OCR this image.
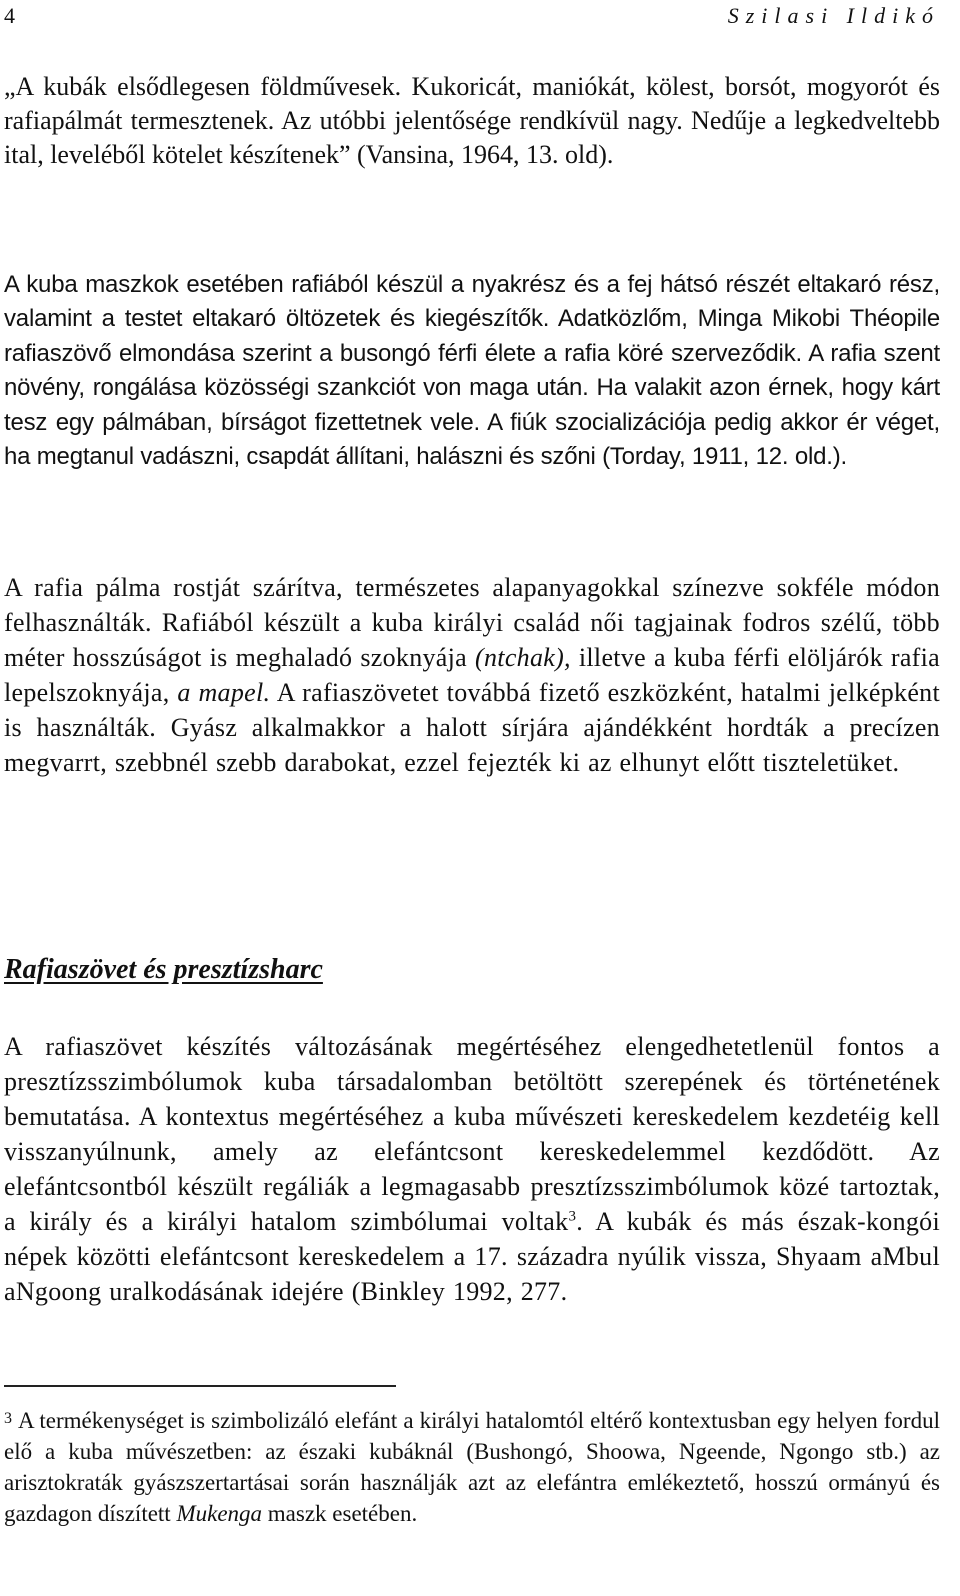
4	Szilasi Ildikó

„A kubák elsődlegesen földművesek. Kukoricát, maniókát, kölest, borsót, mogyorót és rafiapálmát termesztenek. Az utóbbi jelentősége rendkívül nagy. Nedűje a legkedveltebb ital, leveléből kötelet készítenek” (Vansina, 1964, 13. old).

A kuba maszkok esetében rafiából készül a nyakrész és a fej hátsó részét eltakaró rész, valamint a testet eltakaró öltözetek és kiegészítők. Adatközlőm, Minga Mikobi Théopile rafiaszövő elmondása szerint a busongó férfi élete a rafia köré szerveződik. A rafia szent növény, rongálása közösségi szankciót von maga után. Ha valakit azon érnek, hogy kárt tesz egy pálmában, bírságot fizettetnek vele. A fiúk szocializációja pedig akkor ér véget, ha megtanul vadászni, csapdát állítani, halászni és szőni (Torday, 1911, 12. old.).

A rafia pálma rostját szárítva, természetes alapanyagokkal színezve sokféle módon felhasználták. Rafiából készült a kuba királyi család női tagjainak fodros szélű, több méter hosszúságot is meghaladó szoknyája (ntchak), illetve a kuba férfi elöljárók rafia lepelszoknyája, a mapel. A rafiaszövetet továbbá fizető eszközként, hatalmi jelképként is használták. Gyász alkalmakkor a halott sírjára ajándékként hordták a precízen megvarrt, szebbnél szebb darabokat, ezzel fejezték ki az elhunyt előtt tiszteletüket.

Rafiaszövet és presztízsharc

A rafiaszövet készítés változásának megértéséhez elengedhetetlenül fontos a presztízsszimbólumok kuba társadalomban betöltött szerepének és történetének bemutatása. A kontextus megértéséhez a kuba művészeti kereskedelem kezdetéig kell visszanyúlnunk, amely az elefántcsont kereskedelemmel kezdődött. Az elefántcsontból készült regáliák a legmagasabb presztízsszimbólumok közé tartoztak, a király és a királyi hatalom szimbólumai voltak$^3$. A kubák és más észak-kongói népek közötti elefántcsont kereskedelem a 17. századra nyúlik vissza, Shyaam aMbul aNgoong uralkodásának idejére (Binkley 1992, 277.

$^3$ A termékenységet is szimbolizáló elefánt a királyi hatalomtól eltérő kontextusban egy helyen fordul elő a kuba művészetben: az északi kubáknál (Bushongó, Shoowa, Ngeende, Ngongo stb.) az arisztokraták gyászszertartásai során használják azt az elefántra emlékeztető, hosszú ormányú és gazdagon díszített Mukenga maszk esetében.
